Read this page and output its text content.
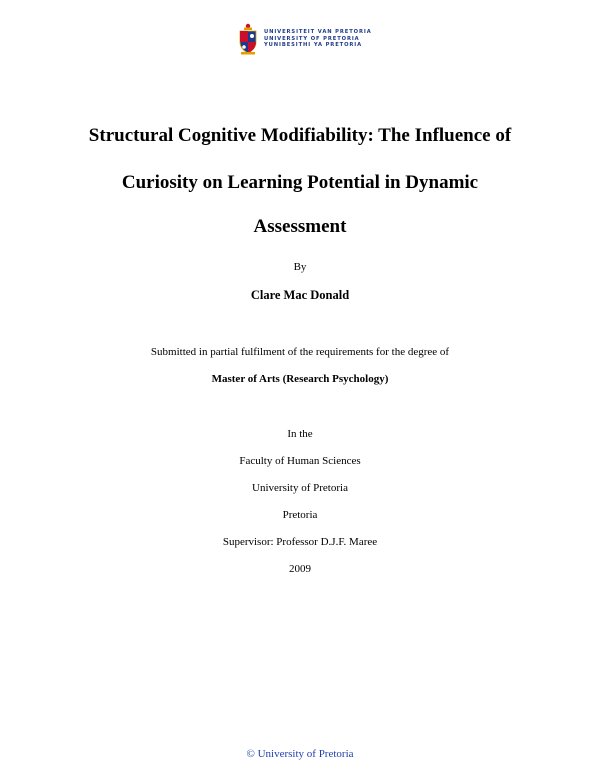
UNIVERSITEIT VAN PRETORIA
UNIVERSITY OF PRETORIA
YUNIBESITHI YA PRETORIA
Structural Cognitive Modifiability: The Influence of
Curiosity on Learning Potential in Dynamic
Assessment
By
Clare Mac Donald
Submitted in partial fulfilment of the requirements for the degree of
Master of Arts (Research Psychology)
In the
Faculty of Human Sciences
University of Pretoria
Pretoria
Supervisor: Professor D.J.F. Maree
2009
© University of Pretoria
